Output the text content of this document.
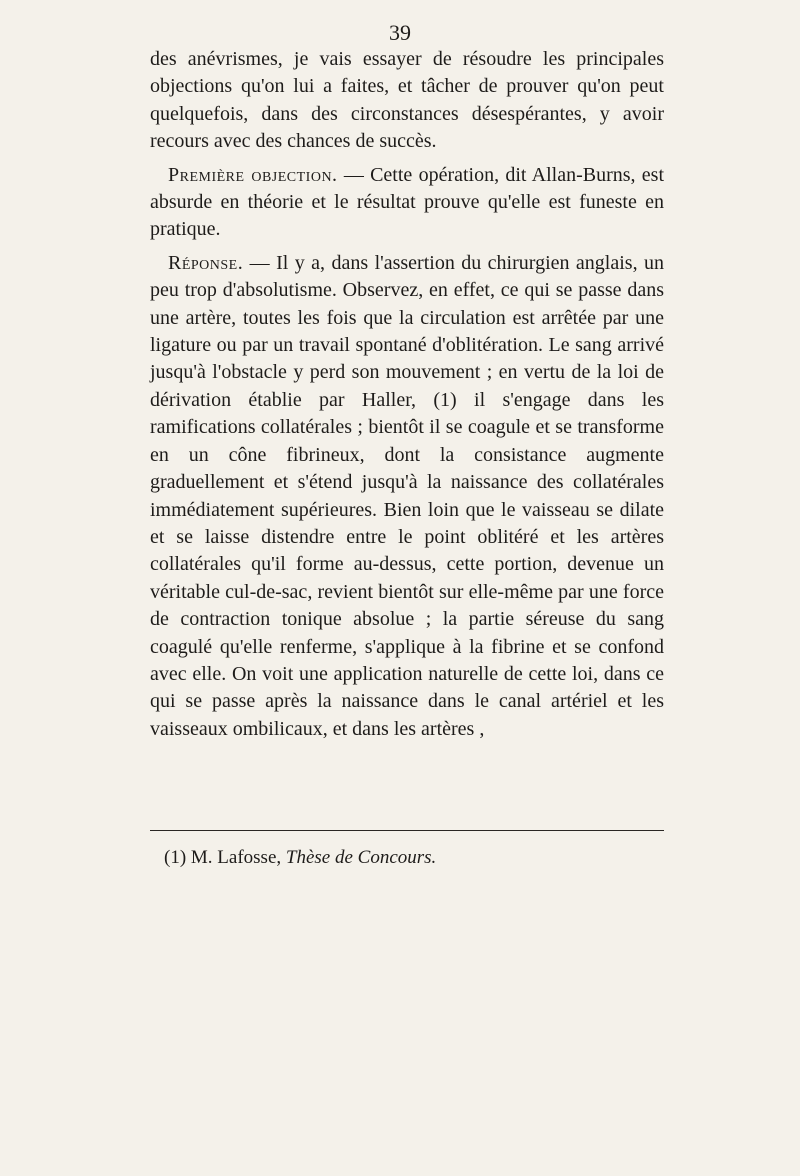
39

des anévrismes, je vais essayer de résoudre les principales objections qu'on lui a faites, et tâcher de prouver qu'on peut quelquefois, dans des circonstances désespérantes, y avoir recours avec des chances de succès.

Première objection. — Cette opération, dit Allan-Burns, est absurde en théorie et le résultat prouve qu'elle est funeste en pratique.

Réponse. — Il y a, dans l'assertion du chirurgien anglais, un peu trop d'absolutisme. Observez, en effet, ce qui se passe dans une artère, toutes les fois que la circulation est arrêtée par une ligature ou par un travail spontané d'oblitération. Le sang arrivé jusqu'à l'obstacle y perd son mouvement ; en vertu de la loi de dérivation établie par Haller, (1) il s'engage dans les ramifications collatérales ; bientôt il se coagule et se transforme en un cône fibrineux, dont la consistance augmente graduellement et s'étend jusqu'à la naissance des collatérales immédiatement supérieures. Bien loin que le vaisseau se dilate et se laisse distendre entre le point oblitéré et les artères collatérales qu'il forme au-dessus, cette portion, devenue un véritable cul-de-sac, revient bientôt sur elle-même par une force de contraction tonique absolue ; la partie séreuse du sang coagulé qu'elle renferme, s'applique à la fibrine et se confond avec elle. On voit une application naturelle de cette loi, dans ce qui se passe après la naissance dans le canal artériel et les vaisseaux ombilicaux, et dans les artères ,

(1) M. Lafosse, Thèse de Concours.
